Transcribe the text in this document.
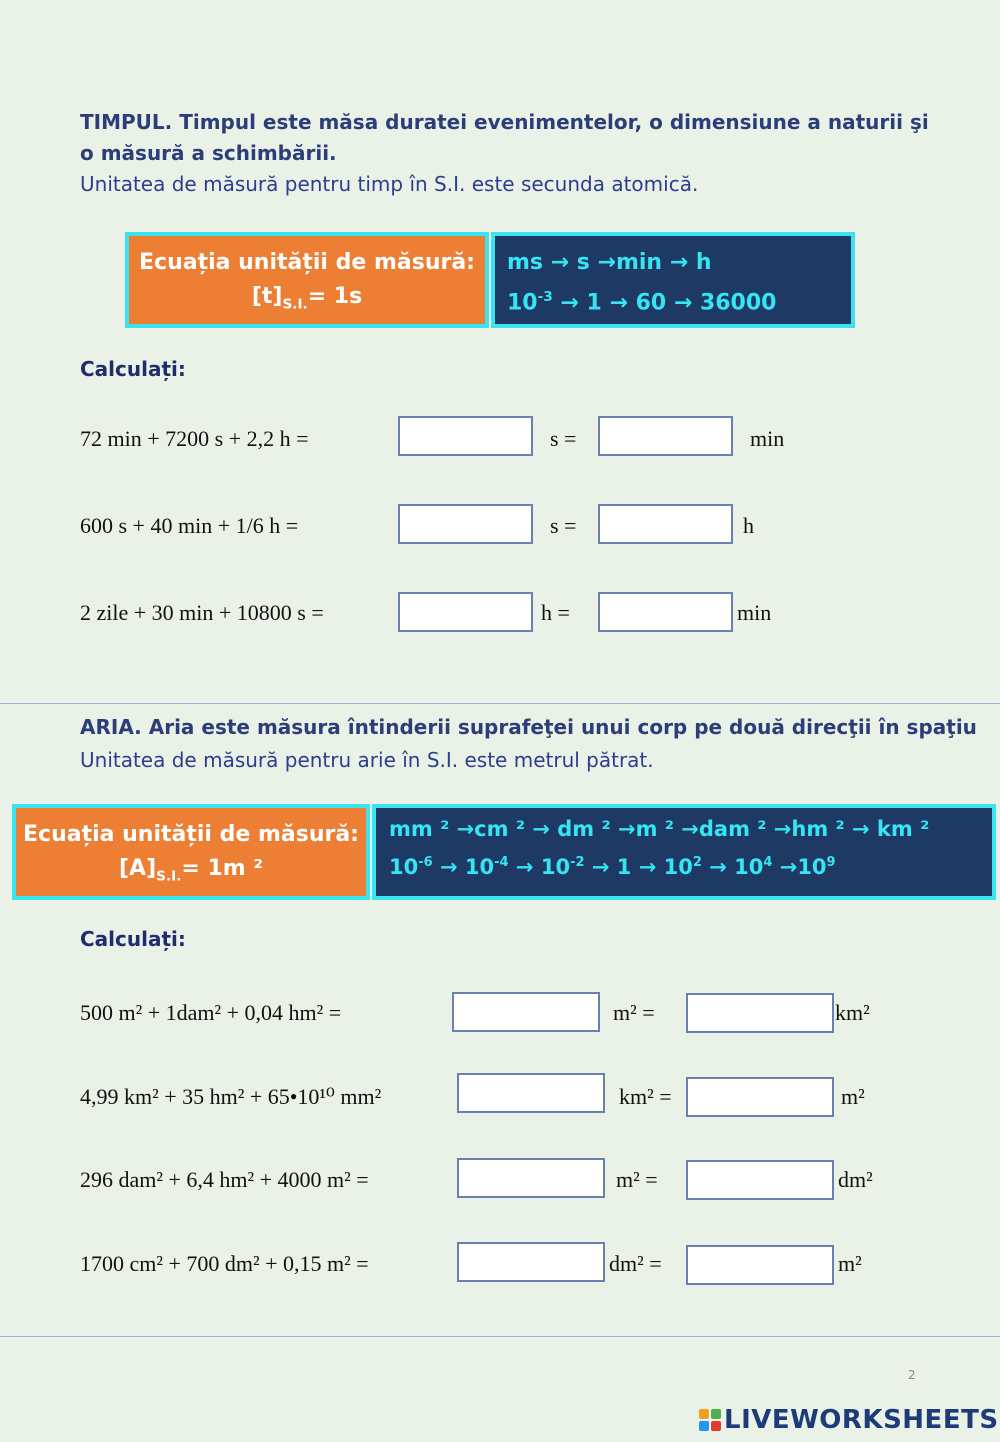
TIMPUL. Timpul este măsa duratei evenimentelor, o dimensiune a naturii şi o măsură a schimbării.
Unitatea de măsură pentru timp în S.I. este secunda atomică.
Ecuația unității de măsură:
$[t]_{S.I.}= 1s$
ms → s →min → h
$10^{-3} \to 1 \to 60 \to 36000$
Calculați:
72 min + 7200 s + 2,2 h =	s =	min
600 s + 40 min + 1/6 h =	s =	h
2 zile + 30 min + 10800 s =	h =	min
ARIA. Aria este măsura întinderii suprafeţei unui corp pe două direcţii în spaţiu
Unitatea de măsură pentru arie în S.I. este metrul pătrat.
Ecuația unității de măsură:
$[A]_{S.I.}= 1m$ ²
mm ² →cm ² → dm ² →m ² →dam ² →hm ² → km ²
$10^{-6} \to 10^{-4} \to 10^{-2} \to 1 \to 10^2 \to 10^4 \to 10^9$
Calculați:
500 m² + 1dam² + 0,04 hm² =	m² =	km²
4,99 km² + 35 hm² + 65•10¹⁰ mm²	km² =	m²
296 dam² + 6,4 hm² + 4000 m² =	m² =	dm²
1700 cm² + 700 dm² + 0,15 m² =	dm² =	m²
2
LIVEWORKSHEETS
